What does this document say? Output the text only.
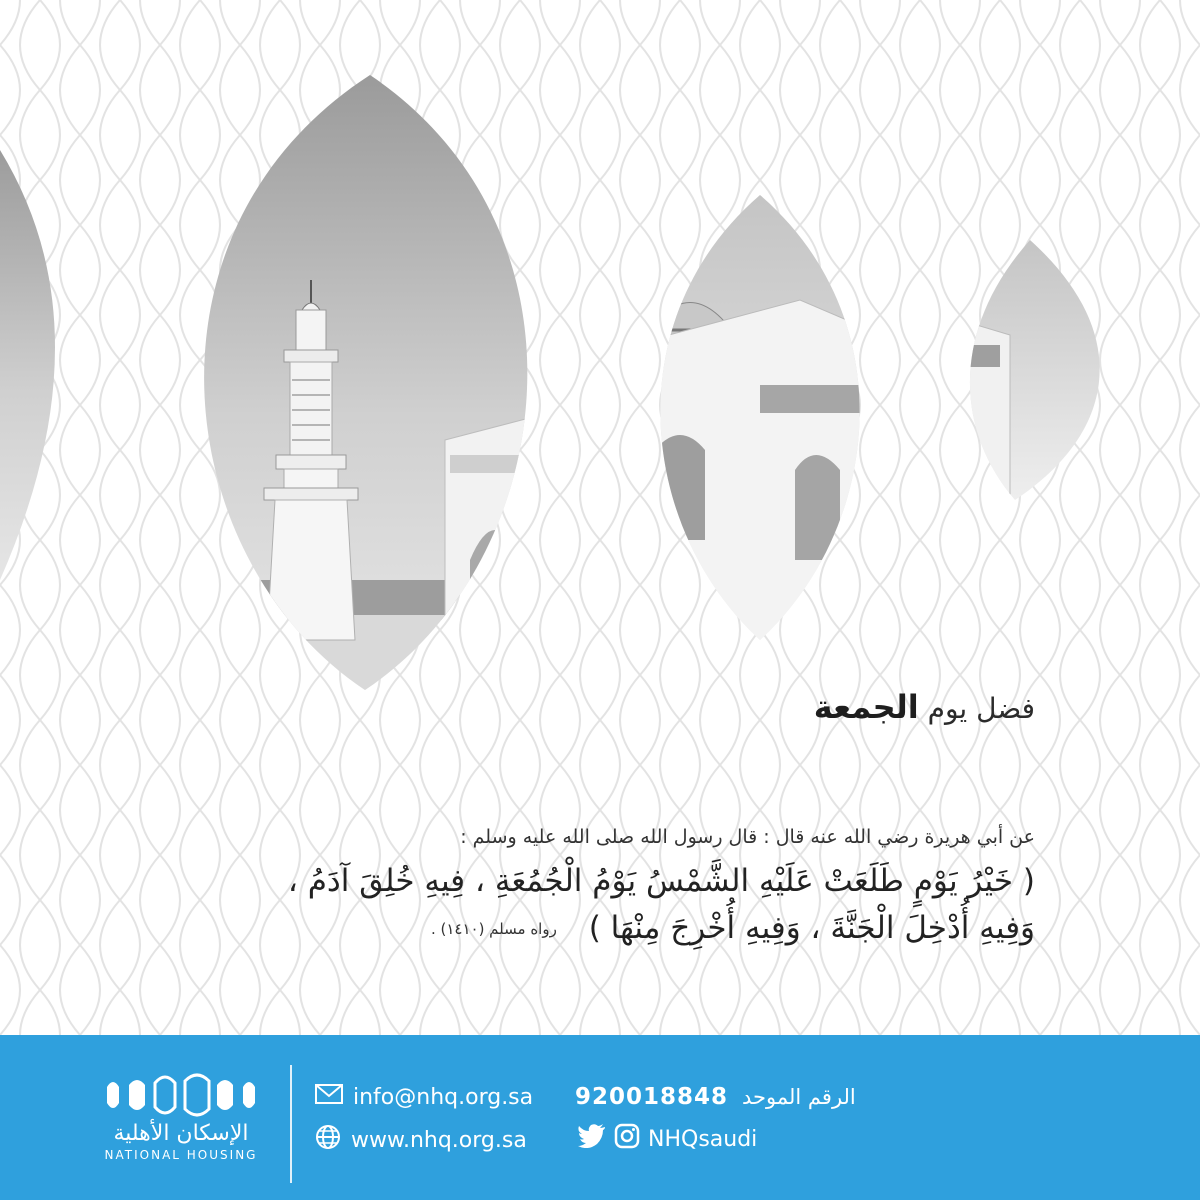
فضل يوم الجمعة
عن أبي هريرة رضي الله عنه قال : قال رسول الله صلى الله عليه وسلم :
( خَيْرُ يَوْمٍ طَلَعَتْ عَلَيْهِ الشَّمْسُ يَوْمُ الْجُمُعَةِ ، فِيهِ خُلِقَ آدَمُ ،
وَفِيهِ أُدْخِلَ الْجَنَّةَ ، وَفِيهِ أُخْرِجَ مِنْهَا ) رواه مسلم (١٤١٠) .
الإسكان الأهلية
NATIONAL HOUSING
info@nhq.org.sa
www.nhq.org.sa
920018848 الرقم الموحد
NHQsaudi
